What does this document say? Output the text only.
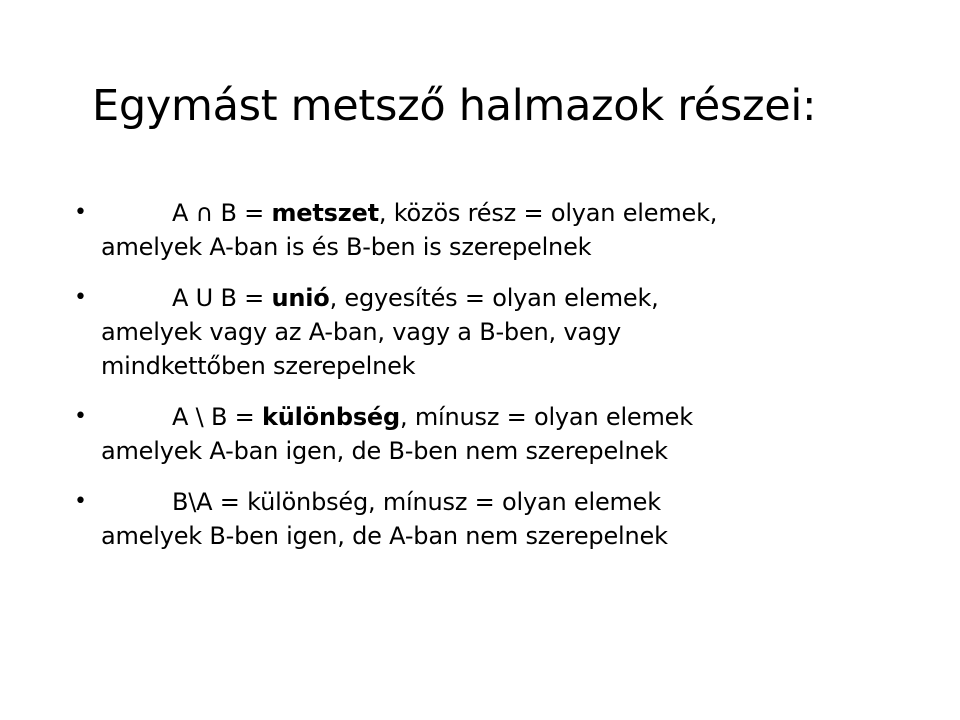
Egymást metsző halmazok részei:
•	A ∩ B = metszet, közös rész = olyan elemek,
amelyek A-ban is és B-ben is szerepelnek
•	A U B = unió, egyesítés = olyan elemek,
amelyek vagy az A-ban, vagy a B-ben, vagy
mindkettőben szerepelnek
•	A \ B = különbség, mínusz = olyan elemek
amelyek A-ban igen, de B-ben nem szerepelnek
•	B\A = különbség, mínusz = olyan elemek
amelyek B-ben igen, de A-ban nem szerepelnek
